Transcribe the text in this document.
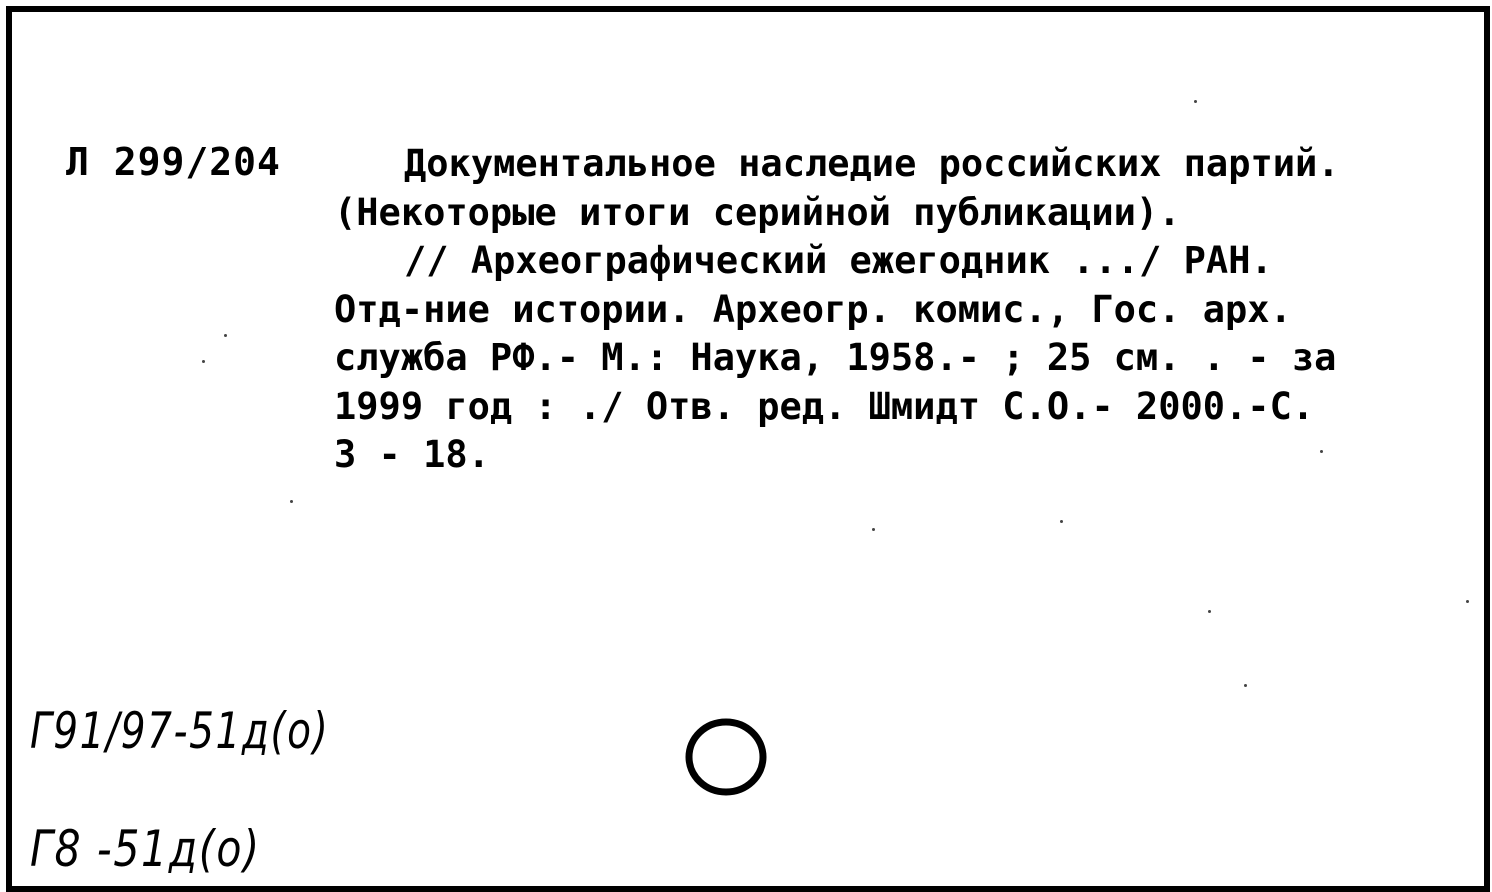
Л 299/204	Документальное наследие российских партий.
(Некоторые итоги серийной публикации).
// Археографический ежегодник .../ РАН.
Отд-ние истории. Археогр. комис., Гос. арх.
служба РФ.- М.: Наука, 1958.- ; 25 см. . - за
1999 год : ./ Отв. ред. Шмидт С.О.- 2000.-С.
3 - 18.
Г91/97-51д(о)
Г8 -51д(о)
